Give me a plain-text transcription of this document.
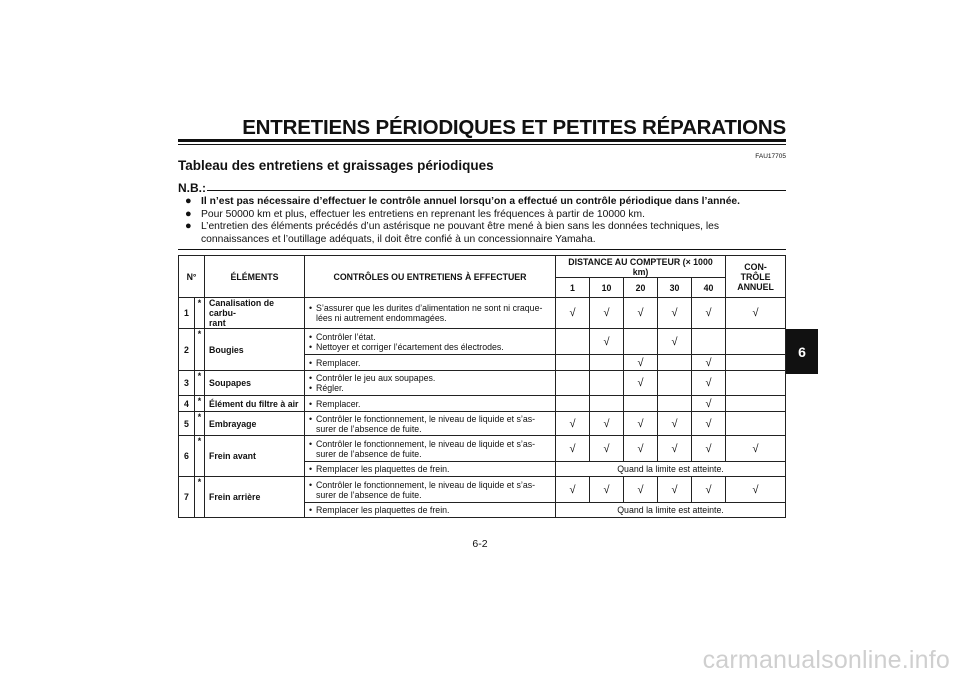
ENTRETIENS PÉRIODIQUES ET PETITES RÉPARATIONS
FAU17705
Tableau des entretiens et graissages périodiques
N.B.:
● Il n’est pas nécessaire d’effectuer le contrôle annuel lorsqu’on a effectué un contrôle périodique dans l’année.
● Pour 50000 km et plus, effectuer les entretiens en reprenant les fréquences à partir de 10000 km.
● L’entretien des éléments précédés d’un astérisque ne pouvant être mené à bien sans les données techniques, les connaissances et l’outillage adéquats, il doit être confié à un concessionnaire Yamaha.
N°		ÉLÉMENTS	CONTRÔLES OU ENTRETIENS À EFFECTUER	DISTANCE AU COMPTEUR (× 1000 km)					CON-
TRÔLE
ANNUEL
				1	10	20	30	40	
1	*	Canalisation de carbu-
rant	• S’assurer que les durites d’alimentation ne sont ni craque-
lées ni autrement endommagées.	√	√	√	√	√	√
2	*	Bougies	• Contrôler l’état.
• Nettoyer et corriger l’écartement des électrodes.		√		√		

			• Remplacer.			√		√	
3	*	Soupapes	• Contrôler le jeu aux soupapes.
• Régler.			√		√	
4	*	Élément du filtre à air	• Remplacer.					√	
5	*	Embrayage	• Contrôler le fonctionnement, le niveau de liquide et s’as-
surer de l’absence de fuite.	√	√	√	√	√	
6	*	Frein avant	• Contrôler le fonctionnement, le niveau de liquide et s’as-
surer de l’absence de fuite.	√	√	√	√	√	√

			• Remplacer les plaquettes de frein.	Quand la limite est atteinte.					
7	*	Frein arrière	• Contrôler le fonctionnement, le niveau de liquide et s’as-
surer de l’absence de fuite.	√	√	√	√	√	√

			• Remplacer les plaquettes de frein.	Quand la limite est atteinte.					
6
6-2
carmanualsonline.info
